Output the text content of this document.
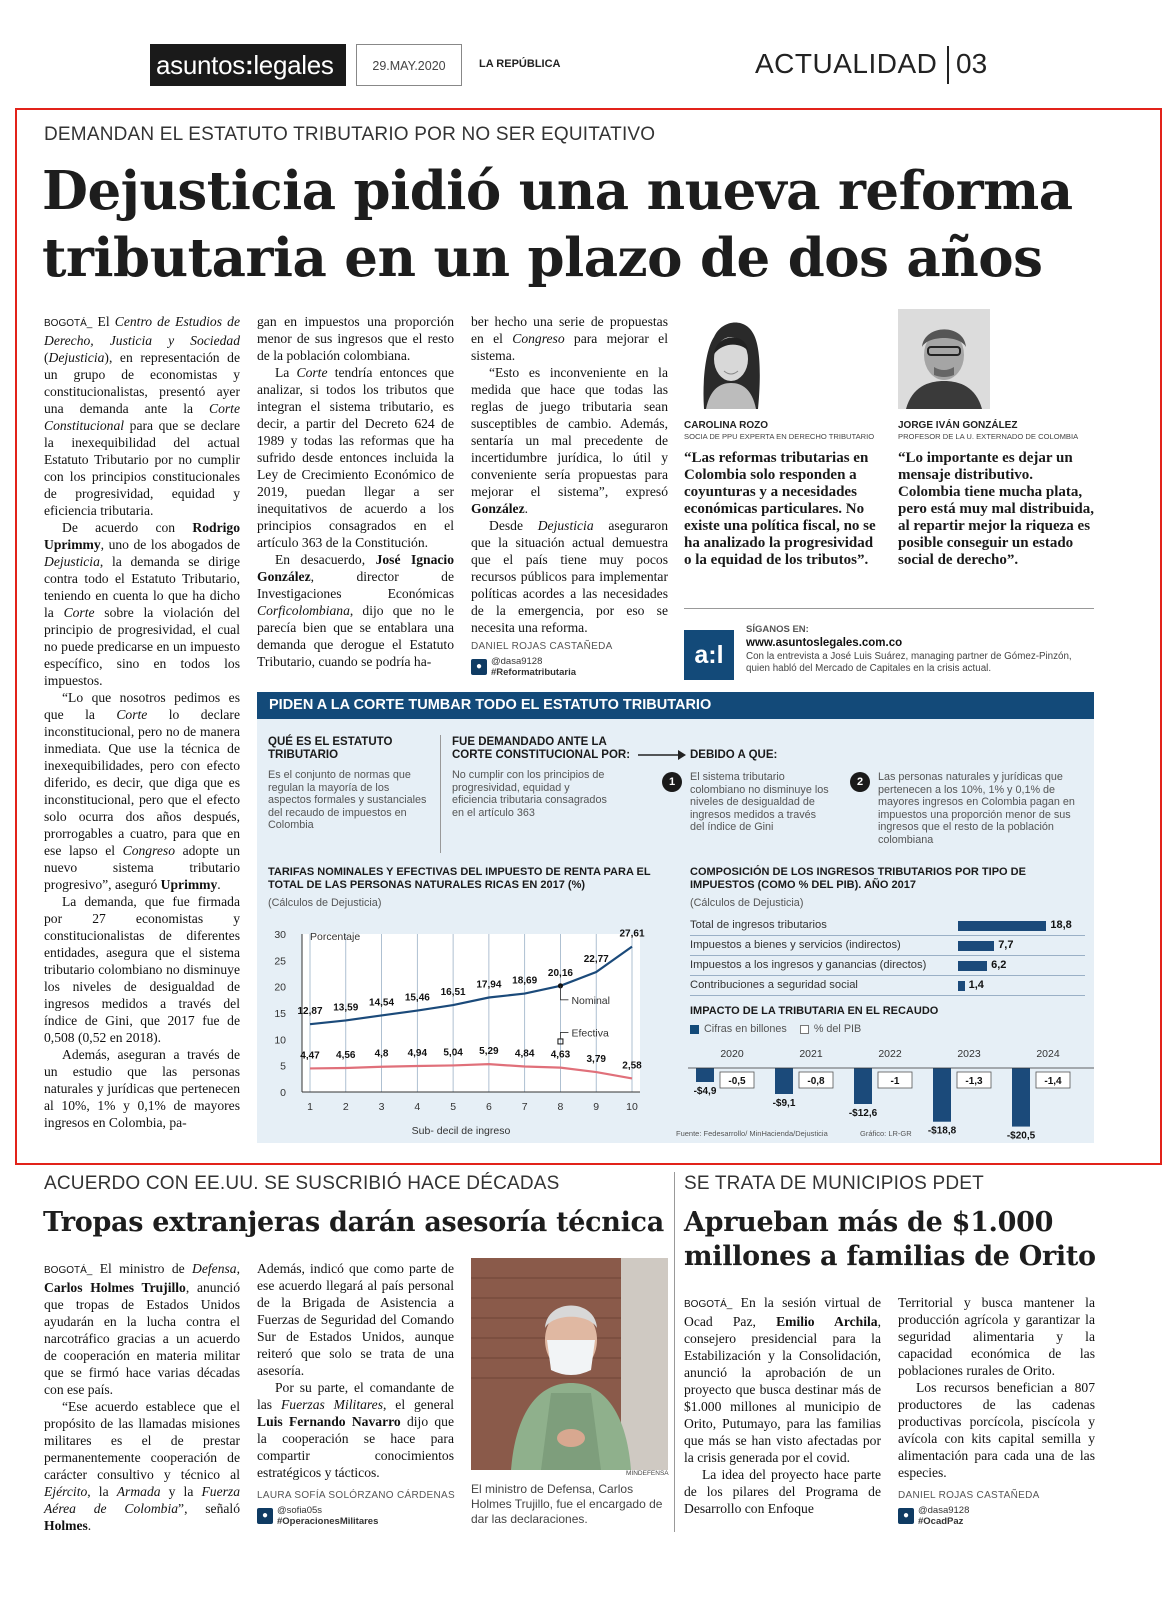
asuntos:legales	29.MAY.2020	LA REPÚBLICA	ACTUALIDAD 03
DEMANDAN EL ESTATUTO TRIBUTARIO POR NO SER EQUITATIVO
Dejusticia pidió una nueva reforma
tributaria en un plazo de dos años

BOGOTÁ_ El Centro de Estudios de Derecho, Justicia y Sociedad (Dejusticia), en representación de un grupo de economistas y constitucionalistas, presentó ayer una demanda ante la Corte Constitucional para que se declare la inexequibilidad del actual Estatuto Tributario por no cumplir con los principios constitucionales de progresividad, equidad y eficiencia tributaria.

De acuerdo con Rodrigo Uprimmy, uno de los abogados de Dejusticia, la demanda se dirige contra todo el Estatuto Tributario, teniendo en cuenta lo que ha dicho la Corte sobre la violación del principio de progresividad, el cual no puede predicarse en un impuesto específico, sino en todos los impuestos.

“Lo que nosotros pedimos es que la Corte lo declare inconstitucional, pero no de manera inmediata. Que use la técnica de inexequibilidades, pero con efecto diferido, es decir, que diga que es inconstitucional, pero que el efecto solo ocurra dos años después, prorrogables a cuatro, para que en ese lapso el Congreso adopte un nuevo sistema tributario progresivo”, aseguró Uprimmy.

La demanda, que fue firmada por 27 economistas y constitucionalistas de diferentes entidades, asegura que el sistema tributario colombiano no disminuye los niveles de desigualdad de ingresos medidos a través del índice de Gini, que 2017 fue de 0,508 (0,52 en 2018).

Además, aseguran a través de un estudio que las personas naturales y jurídicas que pertenecen al 10%, 1% y 0,1% de mayores ingresos en Colombia, pa-

gan en impuestos una proporción menor de sus ingresos que el resto de la población colombiana.

La Corte tendría entonces que analizar, si todos los tributos que integran el sistema tributario, es decir, a partir del Decreto 624 de 1989 y todas las reformas que ha sufrido desde entonces incluida la Ley de Crecimiento Económico de 2019, puedan llegar a ser inequitativos de acuerdo a los principios consagrados en el artículo 363 de la Constitución.

En desacuerdo, José Ignacio González, director de Investigaciones Económicas Corficolombiana, dijo que no le parecía bien que se entablara una demanda que derogue el Estatuto Tributario, cuando se podría ha-

ber hecho una serie de propuestas en el Congreso para mejorar el sistema.

“Esto es inconveniente en la medida que hace que todas las reglas de juego tributaria sean susceptibles de cambio. Además, sentaría un mal precedente de incertidumbre jurídica, lo útil y conveniente sería propuestas para mejorar el sistema”, expresó González.

Desde Dejusticia aseguraron que la situación actual demuestra que el país tiene muy pocos recursos públicos para implementar políticas acordes a las necesidades de la emergencia, por eso se necesita una reforma.

DANIEL ROJAS CASTAÑEDA
● @dasa9128
#Reformatributaria
CAROLINA ROZO
SOCIA DE PPU EXPERTA EN DERECHO TRIBUTARIO
“Las reformas tributarias en Colombia solo responden a coyunturas y a necesidades económicas particulares. No existe una política fiscal, no se ha analizado la progresividad o la equidad de los tributos”.
JORGE IVÁN GONZÁLEZ
PROFESOR DE LA U. EXTERNADO DE COLOMBIA
“Lo importante es dejar un mensaje distributivo. Colombia tiene mucha plata, pero está muy mal distribuida, al repartir mejor la riqueza es posible conseguir un estado social de derecho”.
a:l
SÍGANOS EN:
www.asuntoslegales.com.co
Con la entrevista a José Luis Suárez, managing partner de Gómez-Pinzón, quien habló del Mercado de Capitales en la crisis actual.
PIDEN A LA CORTE TUMBAR TODO EL ESTATUTO TRIBUTARIO
QUÉ ES EL ESTATUTO TRIBUTARIO
Es el conjunto de normas que regulan la mayoría de los aspectos formales y sustanciales del recaudo de impuestos en Colombia
FUE DEMANDADO ANTE LA CORTE CONSTITUCIONAL POR:
No cumplir con los principios de progresividad, equidad y eficiencia tributaria consagrados en el artículo 363
DEBIDO A QUE:
1	El sistema tributario colombiano no disminuye los niveles de desigualdad de ingresos medidos a través del índice de Gini
2	Las personas naturales y jurídicas que pertenecen a los 10%, 1% y 0,1% de mayores ingresos en Colombia pagan en impuestos una proporción menor de sus ingresos que el resto de la población colombiana
TARIFAS NOMINALES Y EFECTIVAS DEL IMPUESTO DE RENTA PARA EL TOTAL DE LAS PERSONAS NATURALES RICAS EN 2017 (%)
(Cálculos de Dejusticia)
1	2	3	4	5	6	7	8	9	10
0
5
10
15
20
25
30 Porcentaje
Sub- decil de ingreso
12,87 13,59 14,54 15,46
16,51
17,94 18,69
20,16
22,77
27,61
4,47 4,56 4,8 4,94 5,04 5,29 4,84 4,63 3,79
2,58
Nominal
Efectiva
COMPOSICIÓN DE LOS INGRESOS TRIBUTARIOS POR TIPO DE IMPUESTOS (COMO % DEL PIB). AÑO 2017
(Cálculos de Dejusticia)
Total de ingresos tributarios	18,8
Impuestos a bienes y servicios (indirectos)	7,7
Impuestos a los ingresos y ganancias (directos)	6,2
Contribuciones a seguridad social	1,4
IMPACTO DE LA TRIBUTARIA EN EL RECAUDO
Cifras en billones	% del PIB
2020
-$4,9
-0,5
2021
-$9,1
-0,8
2022
-$12,6
-1
2023
-$18,8
-1,3
2024
-$20,5
-1,4
Fuente: Fedesarrollo/ MinHacienda/Dejusticia	Gráfico: LR-GR
ACUERDO CON EE.UU. SE SUSCRIBIÓ HACE DÉCADAS
Tropas extranjeras darán asesoría técnica

BOGOTÁ_ El ministro de Defensa, Carlos Holmes Trujillo, anunció que tropas de Estados Unidos ayudarán en la lucha contra el narcotráfico gracias a un acuerdo de cooperación en materia militar que se firmó hace varias décadas con ese país.

“Ese acuerdo establece que el propósito de las llamadas misiones militares es el de prestar permanentemente cooperación de carácter consultivo y técnico al Ejército, la Armada y la Fuerza Aérea de Colombia”, señaló Holmes.

Además, indicó que como parte de ese acuerdo llegará al país personal de la Brigada de Asistencia a Fuerzas de Seguridad del Comando Sur de Estados Unidos, aunque reiteró que solo se trata de una asesoría.

Por su parte, el comandante de las Fuerzas Militares, el general Luis Fernando Navarro dijo que la cooperación se hace para compartir conocimientos estratégicos y tácticos.

LAURA SOFÍA SOLÓRZANO CÁRDENAS
● @sofia05s
#OperacionesMilitares
MINDEFENSA
El ministro de Defensa, Carlos Holmes Trujillo, fue el encargado de dar las declaraciones.
SE TRATA DE MUNICIPIOS PDET
Aprueban más de $1.000
millones a familias de Orito

BOGOTÁ_ En la sesión virtual de Ocad Paz, Emilio Archila, consejero presidencial para la Estabilización y la Consolidación, anunció la aprobación de un proyecto que busca destinar más de $1.000 millones al municipio de Orito, Putumayo, para las familias que más se han visto afectadas por la crisis generada por el covid.

La idea del proyecto hace parte de los pilares del Programa de Desarrollo con Enfoque

Territorial y busca mantener la producción agrícola y garantizar la seguridad alimentaria y la capacidad económica de las poblaciones rurales de Orito.

Los recursos benefician a 807 productores de las cadenas productivas porcícola, piscícola y avícola con kits capital semilla y alimentación para cada una de las especies.

DANIEL ROJAS CASTAÑEDA
● @dasa9128
#OcadPaz
